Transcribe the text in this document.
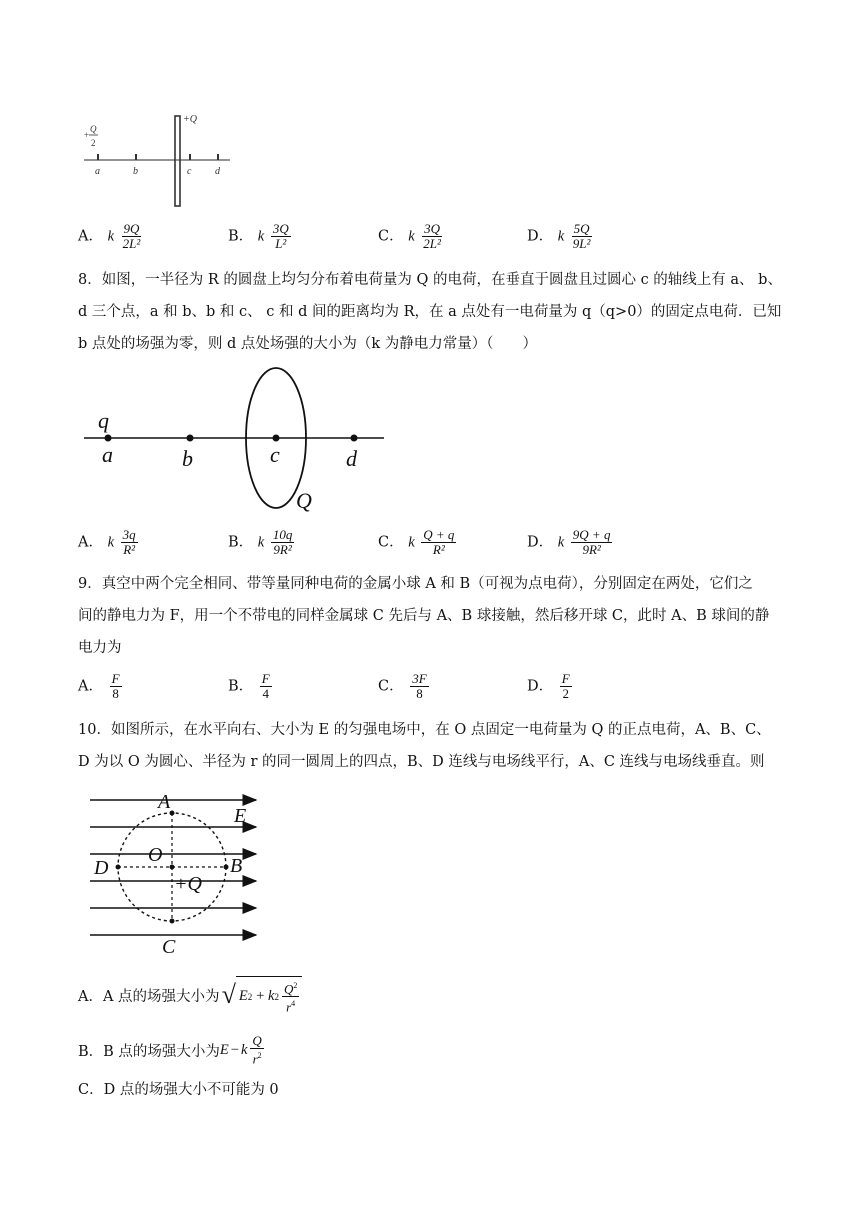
+Q
+
Q
2
a	b	c d
A． k $\frac{9Q}{\text{2L²}}$	B． k $\frac{3Q}{\text{L²}}$	C． k $\frac{3Q}{\text{2L²}}$	D． k $\frac{5Q}{\text{9L²}}$
8．如图，一半径为 R 的圆盘上均匀分布着电荷量为 Q 的电荷，在垂直于圆盘且过圆心 c 的轴线上有 a、 b、
d 三个点，a 和 b、b 和 c、 c 和 d 间的距离均为 R，在 a 点处有一电荷量为 q（q>0）的固定点电荷．已知
b 点处的场强为零，则 d 点处场强的大小为（k 为静电力常量）（　　）
q
a	b	c	d
Q
A． k $\frac{3q}{\text{R²}}$	B． k $\frac{10q}{\text{9R²}}$	C． k $\frac{Q + q}{\text{R²}}$	D． k $\frac{9Q + q}{\text{9R²}}$
9．真空中两个完全相同、带等量同种电荷的金属小球 A 和 B（可视为点电荷），分别固定在两处，它们之
间的静电力为 F，用一个不带电的同样金属球 C 先后与 A、B 球接触，然后移开球 C，此时 A、B 球间的静
电力为
A． $\frac{F}{8}$	B． $\frac{F}{4}$	C． $\frac{3F}{8}$	D． $\frac{F}{2}$
10．如图所示，在水平向右、大小为 E 的匀强电场中，在 O 点固定一电荷量为 Q 的正点电荷，A、B、C、
D 为以 O 为圆心、半径为 r 的同一圆周上的四点，B、D 连线与电场线平行，A、C 连线与电场线垂直。则
A
E
O
D	B
+Q
C
A．A 点的场强大小为 √ E 2 + k $2 \frac{Q^2}{r^4}$
B．B 点的场强大小为 E − k $\frac{Q}{r^2}$
C．D 点的场强大小不可能为 0
